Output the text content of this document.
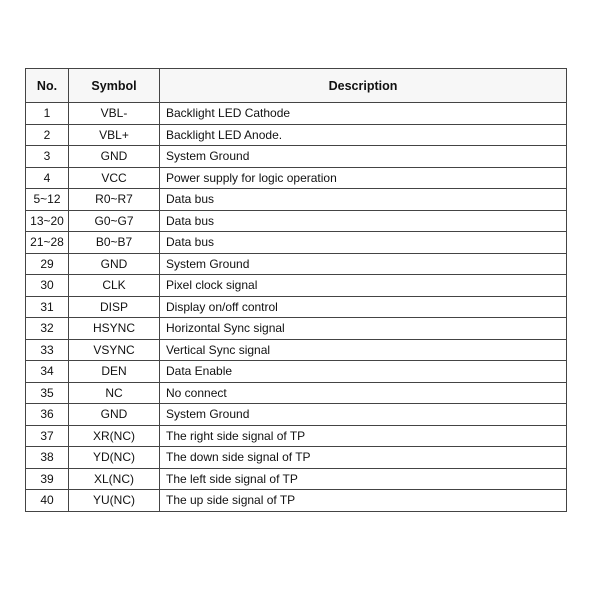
No.	Symbol	Description
1	VBL-	Backlight LED Cathode
2	VBL+	Backlight LED Anode.
3	GND	System Ground
4	VCC	Power supply for logic operation
5~12	R0~R7	Data bus
13~20	G0~G7	Data bus
21~28	B0~B7	Data bus
29	GND	System Ground
30	CLK	Pixel clock signal
31	DISP	Display on/off control
32	HSYNC	Horizontal Sync signal
33	VSYNC	Vertical Sync signal
34	DEN	Data Enable
35	NC	No connect
36	GND	System Ground
37	XR(NC)	The right side signal of TP
38	YD(NC)	The down side signal of TP
39	XL(NC)	The left side signal of TP
40	YU(NC)	The up side signal of TP
